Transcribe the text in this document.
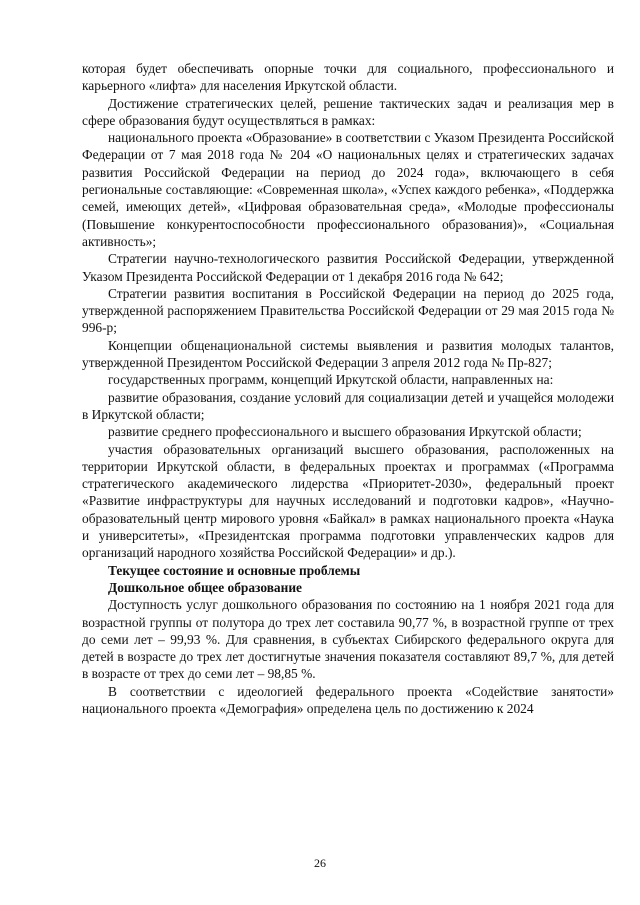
которая будет обеспечивать опорные точки для социального, профессионального и карьерного «лифта» для населения Иркутской области.

Достижение стратегических целей, решение тактических задач и реализация мер в сфере образования будут осуществляться в рамках:

национального проекта «Образование» в соответствии с Указом Президента Российской Федерации от 7 мая 2018 года № 204 «О национальных целях и стратегических задачах развития Российской Федерации на период до 2024 года», включающего в себя региональные составляющие: «Современная школа», «Успех каждого ребенка», «Поддержка семей, имеющих детей», «Цифровая образовательная среда», «Молодые профессионалы (Повышение конкурентоспособности профессионального образования)», «Социальная активность»;

Стратегии научно-технологического развития Российской Федерации, утвержденной Указом Президента Российской Федерации от 1 декабря 2016 года № 642;

Стратегии развития воспитания в Российской Федерации на период до 2025 года, утвержденной распоряжением Правительства Российской Федерации от 29 мая 2015 года № 996-р;

Концепции общенациональной системы выявления и развития молодых талантов, утвержденной Президентом Российской Федерации 3 апреля 2012 года № Пр-827;

государственных программ, концепций Иркутской области, направленных на:

развитие образования, создание условий для социализации детей и учащейся молодежи в Иркутской области;

развитие среднего профессионального и высшего образования Иркутской области;

участия образовательных организаций высшего образования, расположенных на территории Иркутской области, в федеральных проектах и программах («Программа стратегического академического лидерства «Приоритет-2030», федеральный проект «Развитие инфраструктуры для научных исследований и подготовки кадров», «Научно-образовательный центр мирового уровня «Байкал» в рамках национального проекта «Наука и университеты», «Президентская программа подготовки управленческих кадров для организаций народного хозяйства Российской Федерации» и др.).

Текущее состояние и основные проблемы

Дошкольное общее образование

Доступность услуг дошкольного образования по состоянию на 1 ноября 2021 года для возрастной группы от полутора до трех лет составила 90,77 %, в возрастной группе от трех до семи лет – 99,93 %. Для сравнения, в субъектах Сибирского федерального округа для детей в возрасте до трех лет достигнутые значения показателя составляют 89,7 %, для детей в возрасте от трех до семи лет – 98,85 %.

В соответствии с идеологией федерального проекта «Содействие занятости» национального проекта «Демография» определена цель по достижению к 2024

26
